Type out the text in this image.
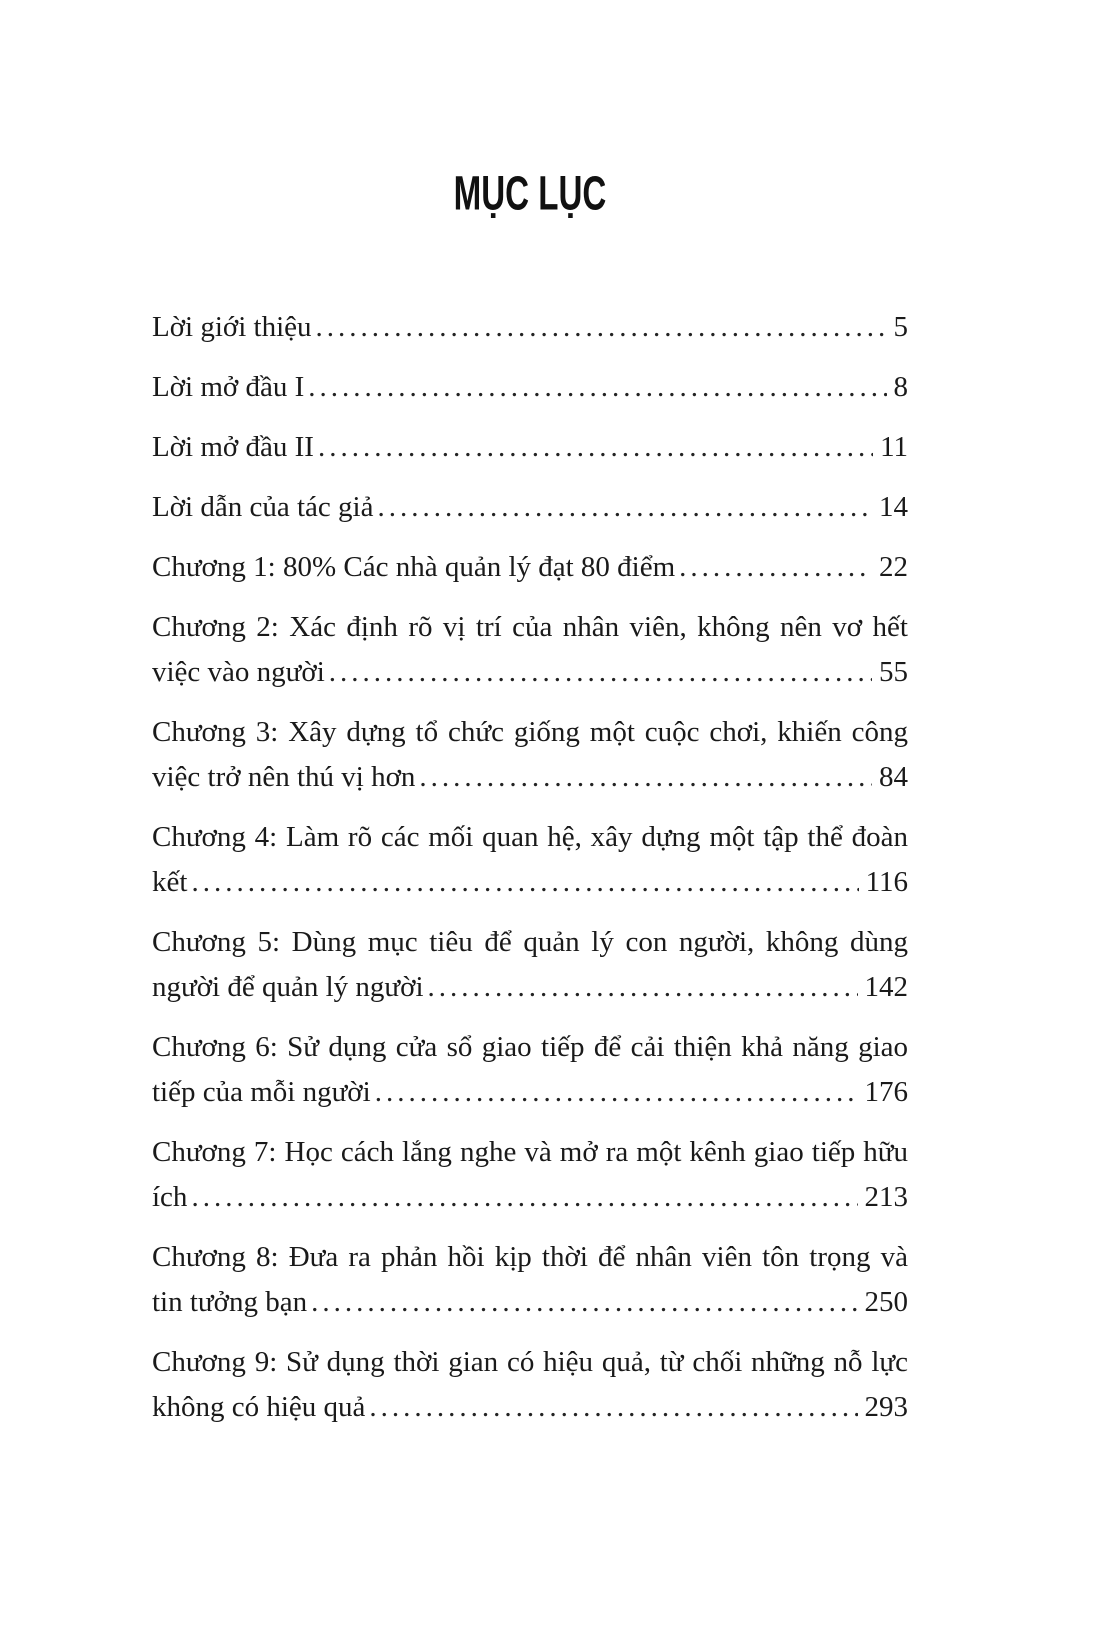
MỤC LỤC
Lời giới thiệu	5
Lời mở đầu I	8
Lời mở đầu II	11
Lời dẫn của tác giả	14
Chương 1: 80% Các nhà quản lý đạt 80 điểm	22
Chương 2: Xác định rõ vị trí của nhân viên, không nên vơ hết việc vào người	55
Chương 3: Xây dựng tổ chức giống một cuộc chơi, khiến công việc trở nên thú vị hơn	84
Chương 4: Làm rõ các mối quan hệ, xây dựng một tập thể đoàn kết	116
Chương 5: Dùng mục tiêu để quản lý con người, không dùng người để quản lý người	142
Chương 6: Sử dụng cửa sổ giao tiếp để cải thiện khả năng giao tiếp của mỗi người	176
Chương 7: Học cách lắng nghe và mở ra một kênh giao tiếp hữu ích	213
Chương 8: Đưa ra phản hồi kịp thời để nhân viên tôn trọng và tin tưởng bạn	250
Chương 9: Sử dụng thời gian có hiệu quả, từ chối những nỗ lực không có hiệu quả	293
